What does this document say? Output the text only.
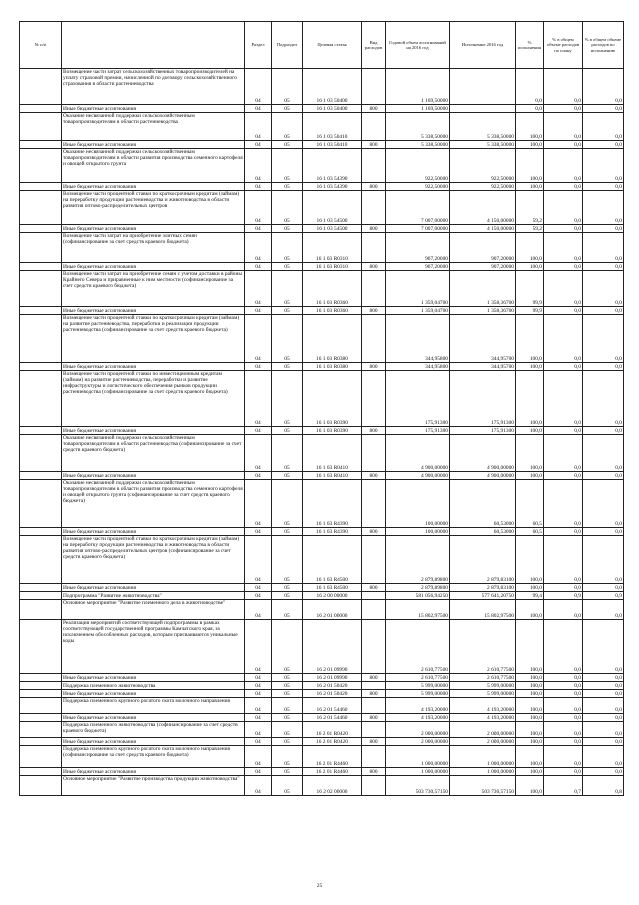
№ п/п		Раздел	Подраздел	Целевая статья	Вид расходов	Годовой объем ассигнований на 2016 год	Исполнение 2016 год	% исполнения	% в общем объеме расходов по плану	% в общем объеме расходов по исполнению
	Возмещение части затрат сельскохозяйственных товаропроизводителей на уплату страховой премии, начисленной по договору сельскохозяйственного страхования в области растениеводства	04	05	16 1 03 50400		1 169,50000		0,0	0,0	0,0
	Иные бюджетные ассигнования	04	05	16 1 03 50400	800	1 169,50000		0,0	0,0	0,0
	Оказание несвязанной поддержки сельскохозяйственным товаропроизводителям в области растениеводства	04	05	16 1 03 50410		5 338,50000	5 338,50000	100,0	0,0	0,0
	Иные бюджетные ассигнования	04	05	16 1 03 50410	800	5 338,50000	5 338,50000	100,0	0,0	0,0
	Оказание несвязанной поддержки сельскохозяйственным товаропроизводителям в области развития производства семенного картофеля и овощей открытого грунта	04	05	16 1 03 54390		922,50000	922,50000	100,0	0,0	0,0
	Иные бюджетные ассигнования	04	05	16 1 03 54390	800	922,50000	922,50000	100,0	0,0	0,0
	Возмещение части процентной ставки по краткосрочным кредитам (займам) на переработку продукции растениеводства и животноводства в области развития оптово-распределительных центров	04	05	16 1 03 54500		7 007,00000	4 150,00000	59,2	0,0	0,0
	Иные бюджетные ассигнования	04	05	16 1 03 54500	800	7 007,00000	4 150,00000	59,2	0,0	0,0
	Возмещение части затрат на приобретение элитных семян (софинансирование за счет средств краевого бюджета)	04	05	16 1 03 R0310		907,20000	907,20000	100,0	0,0	0,0
	Иные бюджетные ассигнования	04	05	16 1 03 R0310	800	907,20000	907,20000	100,0	0,0	0,0
	Возмещение части затрат на приобретение семян с учетом доставки в районы Крайнего Севера и приравненные к ним местности (софинансирование за счет средств краевого бюджета)	04	05	16 1 03 R0360		1 359,04700	1 358,36700	99,9	0,0	0,0
	Иные бюджетные ассигнования	04	05	16 1 03 R0360	800	1 359,04700	1 358,36700	99,9	0,0	0,0
	Возмещение части процентной ставки по краткосрочным кредитам (займам) на развитие растениеводства, переработки и реализации продукции растениеводства (софинансирование за счет средств краевого бюджета)	04	05	16 1 03 R0380		344,95800	344,95700	100,0	0,0	0,0
	Иные бюджетные ассигнования	04	05	16 1 03 R0380	800	344,95800	344,95700	100,0	0,0	0,0
	Возмещение части процентной ставки по инвестиционным кредитам (займам) на развитие растениеводства, переработки и развитие инфраструктуры и логистического обеспечения рынков продукции растениеводства (софинансирование за счет средств краевого бюджета)	04	05	16 1 03 R0390		175,91300	175,91300	100,0	0,0	0,0
	Иные бюджетные ассигнования	04	05	16 1 03 R0390	800	175,91300	175,91300	100,0	0,0	0,0
	Оказание несвязанной поддержки сельскохозяйственным товаропроизводителям в области растениеводства (софинансирование за счет средств краевого бюджета)	04	05	16 1 03 R0410		4 900,00000	4 900,00000	100,0	0,0	0,0
	Иные бюджетные ассигнования	04	05	16 1 03 R0410	800	4 900,00000	4 900,00000	100,0	0,0	0,0
	Оказание несвязанной поддержки сельскохозяйственным товаропроизводителям в области развития производства семенного картофеля и овощей открытого грунта (софинансирование за счет средств краевого бюджета)	04	05	16 1 03 R4390		100,00000	60,53000	60,5	0,0	0,0
	Иные бюджетные ассигнования	04	05	16 1 03 R4390	800	100,00000	60,53000	60,5	0,0	0,0
	Возмещение части процентной ставки по краткосрочным кредитам (займам) на переработку продукции растениеводства и животноводства в области развития оптово-распределительных центров (софинансирование за счет средств краевого бюджета)	04	05	16 1 03 R4500		2 879,89800	2 879,83100	100,0	0,0	0,0
	Иные бюджетные ассигнования	04	05	16 1 03 R4500	800	2 879,89800	2 879,83100	100,0	0,0	0,0
	Подпрограмма "Развитие животноводства"	04	05	16 2 00 00000		581 056,94250	577 641,20750	99,4	0,9	0,9
	Основное мероприятие "Развитие племенного дела в животноводстве"	04	05	16 2 01 00000		15 802,97500	15 802,97500	100,0	0,0	0,0
	Реализация мероприятий соответствующей подпрограммы в рамках соответствующей государственной программы Камчатского края, за исключением обособленных расходов, которым присваиваются уникальные коды	04	05	16 2 01 09990		2 610,77500	2 610,77500	100,0	0,0	0,0
	Иные бюджетные ассигнования	04	05	16 2 01 09990	800	2 610,77500	2 610,77500	100,0	0,0	0,0
	Поддержка племенного животноводства	04	05	16 2 01 50420		5 999,00000	5 999,00000	100,0	0,0	0,0
	Иные бюджетные ассигнования	04	05	16 2 01 50420	800	5 999,00000	5 999,00000	100,0	0,0	0,0
	Поддержка племенного крупного рогатого скота молочного направления	04	05	16 2 01 54460		4 193,20000	4 193,20000	100,0	0,0	0,0
	Иные бюджетные ассигнования	04	05	16 2 01 54460	800	4 193,20000	4 193,20000	100,0	0,0	0,0
	Поддержка племенного животноводства (софинансирование за счет средств краевого бюджета)	04	05	16 2 01 R0420		2 000,00000	2 000,00000	100,0	0,0	0,0
	Иные бюджетные ассигнования	04	05	16 2 01 R0420	800	2 000,00000	2 000,00000	100,0	0,0	0,0
	Поддержка племенного крупного рогатого скота молочного направления (софинансирование за счет средств краевого бюджета)	04	05	16 2 01 R4460		1 000,00000	1 000,00000	100,0	0,0	0,0
	Иные бюджетные ассигнования	04	05	16 2 01 R4460	800	1 000,00000	1 000,00000	100,0	0,0	0,0
	Основное мероприятие "Развитие производства продукции животноводства"	04	05	16 2 02 00000		503 730,57150	503 730,57150	100,0	0,7	0,8
25
